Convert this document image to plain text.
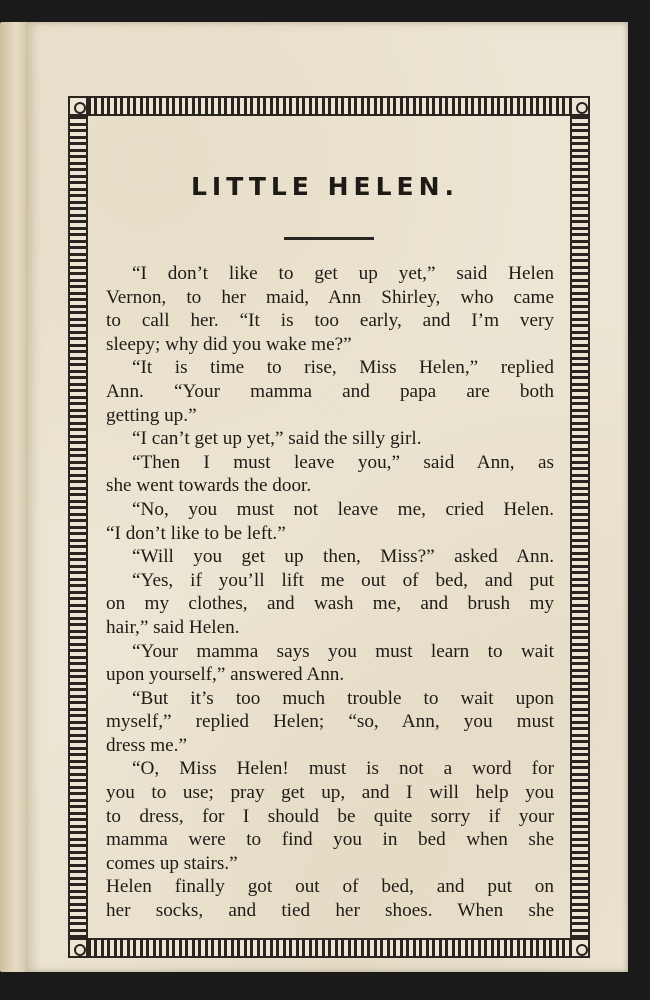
LITTLE HELEN.
“I don’t like to get up yet,” said Helen
Vernon, to her maid, Ann Shirley, who came
to call her. “It is too early, and I’m very
sleepy; why did you wake me?”
“It is time to rise, Miss Helen,” replied
Ann. “Your mamma and papa are both
getting up.”
“I can’t get up yet,” said the silly girl.
“Then I must leave you,” said Ann, as
she went towards the door.
“No, you must not leave me, cried Helen.
“I don’t like to be left.”
“Will you get up then, Miss?” asked Ann.
“Yes, if you’ll lift me out of bed, and put
on my clothes, and wash me, and brush my
hair,” said Helen.
“Your mamma says you must learn to wait
upon yourself,” answered Ann.
“But it’s too much trouble to wait upon
myself,” replied Helen; “so, Ann, you must
dress me.”
“O, Miss Helen! must is not a word for
you to use; pray get up, and I will help you
to dress, for I should be quite sorry if your
mamma were to find you in bed when she
comes up stairs.”
Helen finally got out of bed, and put on
her socks, and tied her shoes. When she
